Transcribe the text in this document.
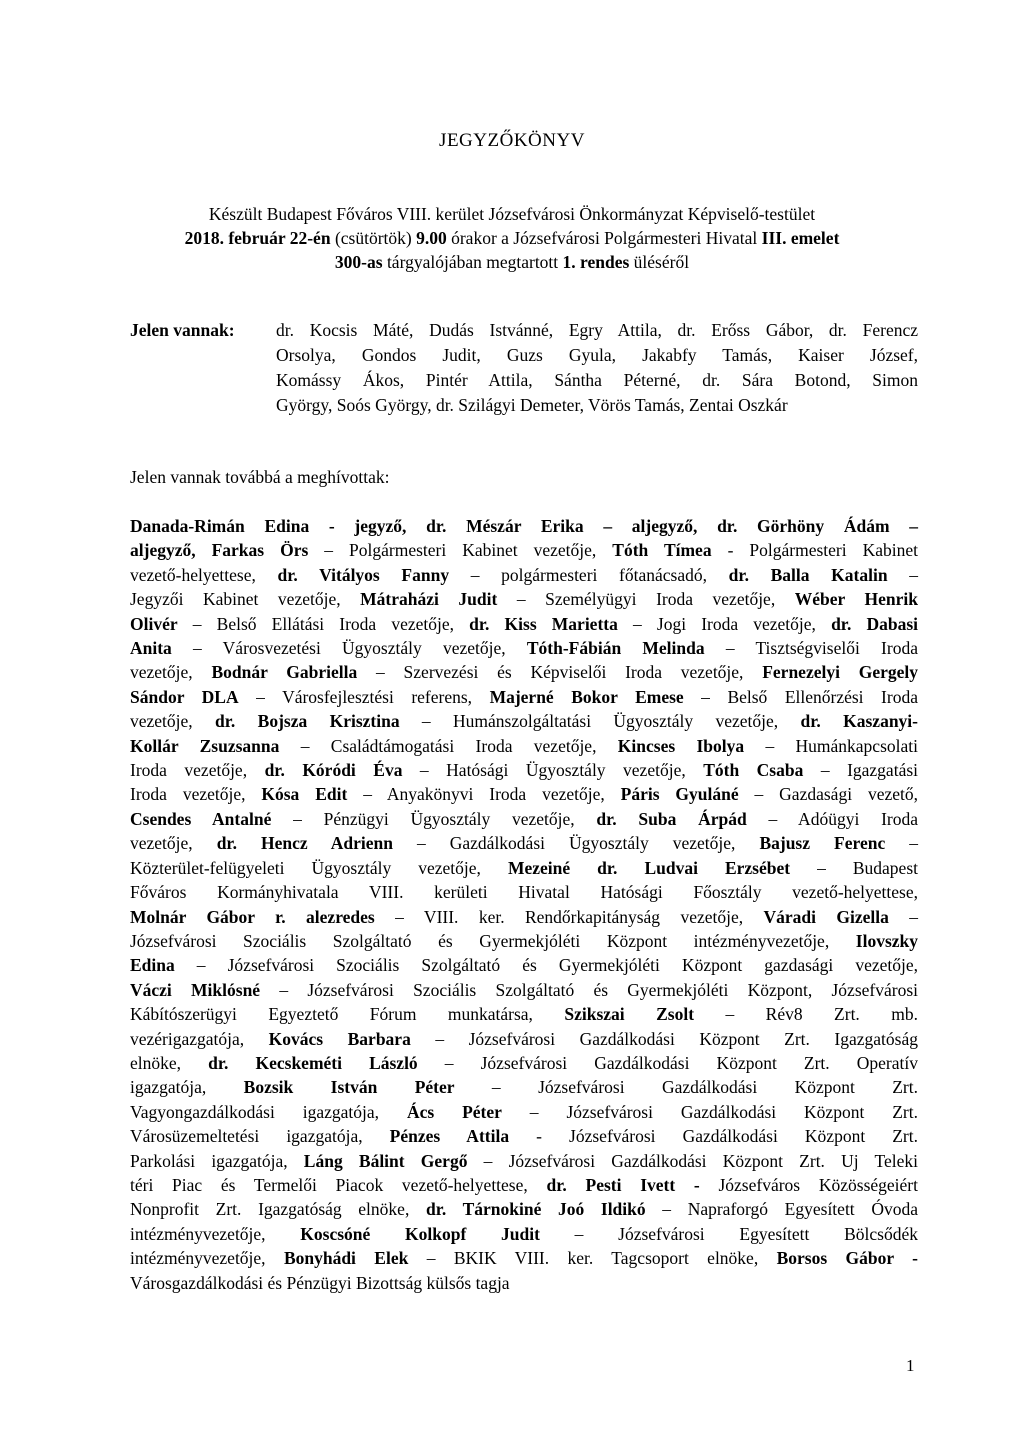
JEGYZŐKÖNYV
Készült Budapest Főváros VIII. kerület Józsefvárosi Önkormányzat Képviselő-testület
2018. február 22-én (csütörtök) 9.00 órakor a Józsefvárosi Polgármesteri Hivatal III. emelet
300-as tárgyalójában megtartott 1. rendes üléséről
Jelen vannak: dr. Kocsis Máté, Dudás Istvánné, Egry Attila, dr. Erőss Gábor, dr. Ferencz
Orsolya, Gondos Judit, Guzs Gyula, Jakabfy Tamás, Kaiser József,
Komássy Ákos, Pintér Attila, Sántha Péterné, dr. Sára Botond, Simon
György, Soós György, dr. Szilágyi Demeter, Vörös Tamás, Zentai Oszkár
Jelen vannak továbbá a meghívottak:
Danada-Rimán Edina - jegyző, dr. Mészár Erika – aljegyző, dr. Görhöny Ádám –
aljegyző, Farkas Örs – Polgármesteri Kabinet vezetője, Tóth Tímea - Polgármesteri Kabinet
vezető-helyettese, dr. Vitályos Fanny – polgármesteri főtanácsadó, dr. Balla Katalin –
Jegyzői Kabinet vezetője, Mátraházi Judit – Személyügyi Iroda vezetője, Wéber Henrik
Olivér – Belső Ellátási Iroda vezetője, dr. Kiss Marietta – Jogi Iroda vezetője, dr. Dabasi
Anita – Városvezetési Ügyosztály vezetője, Tóth-Fábián Melinda – Tisztségviselői Iroda
vezetője, Bodnár Gabriella – Szervezési és Képviselői Iroda vezetője, Fernezelyi Gergely
Sándor DLA – Városfejlesztési referens, Majerné Bokor Emese – Belső Ellenőrzési Iroda
vezetője, dr. Bojsza Krisztina – Humánszolgáltatási Ügyosztály vezetője, dr. Kaszanyi-
Kollár Zsuzsanna – Családtámogatási Iroda vezetője, Kincses Ibolya – Humánkapcsolati
Iroda vezetője, dr. Kóródi Éva – Hatósági Ügyosztály vezetője, Tóth Csaba – Igazgatási
Iroda vezetője, Kósa Edit – Anyakönyvi Iroda vezetője, Páris Gyuláné – Gazdasági vezető,
Csendes Antalné – Pénzügyi Ügyosztály vezetője, dr. Suba Árpád – Adóügyi Iroda
vezetője, dr. Hencz Adrienn – Gazdálkodási Ügyosztály vezetője, Bajusz Ferenc –
Közterület-felügyeleti Ügyosztály vezetője, Mezeiné dr. Ludvai Erzsébet – Budapest
Főváros Kormányhivatala VIII. kerületi Hivatal Hatósági Főosztály vezető-helyettese,
Molnár Gábor r. alezredes – VIII. ker. Rendőrkapitányság vezetője, Váradi Gizella –
Józsefvárosi Szociális Szolgáltató és Gyermekjóléti Központ intézményvezetője, Ilovszky
Edina – Józsefvárosi Szociális Szolgáltató és Gyermekjóléti Központ gazdasági vezetője,
Váczi Miklósné – Józsefvárosi Szociális Szolgáltató és Gyermekjóléti Központ, Józsefvárosi
Kábítószerügyi Egyeztető Fórum munkatársa, Szikszai Zsolt – Rév8 Zrt. mb.
vezérigazgatója, Kovács Barbara – Józsefvárosi Gazdálkodási Központ Zrt. Igazgatóság
elnöke, dr. Kecskeméti László – Józsefvárosi Gazdálkodási Központ Zrt. Operatív
igazgatója, Bozsik István Péter – Józsefvárosi Gazdálkodási Központ Zrt.
Vagyongazdálkodási igazgatója, Ács Péter – Józsefvárosi Gazdálkodási Központ Zrt.
Városüzemeltetési igazgatója, Pénzes Attila - Józsefvárosi Gazdálkodási Központ Zrt.
Parkolási igazgatója, Láng Bálint Gergő – Józsefvárosi Gazdálkodási Központ Zrt. Uj Teleki
téri Piac és Termelői Piacok vezető-helyettese, dr. Pesti Ivett - Józsefváros Közösségeiért
Nonprofit Zrt. Igazgatóság elnöke, dr. Tárnokiné Joó Ildikó – Napraforgó Egyesített Óvoda
intézményvezetője, Koscsóné Kolkopf Judit – Józsefvárosi Egyesített Bölcsődék
intézményvezetője, Bonyhádi Elek – BKIK VIII. ker. Tagcsoport elnöke, Borsos Gábor -
Városgazdálkodási és Pénzügyi Bizottság külsős tagja
1
